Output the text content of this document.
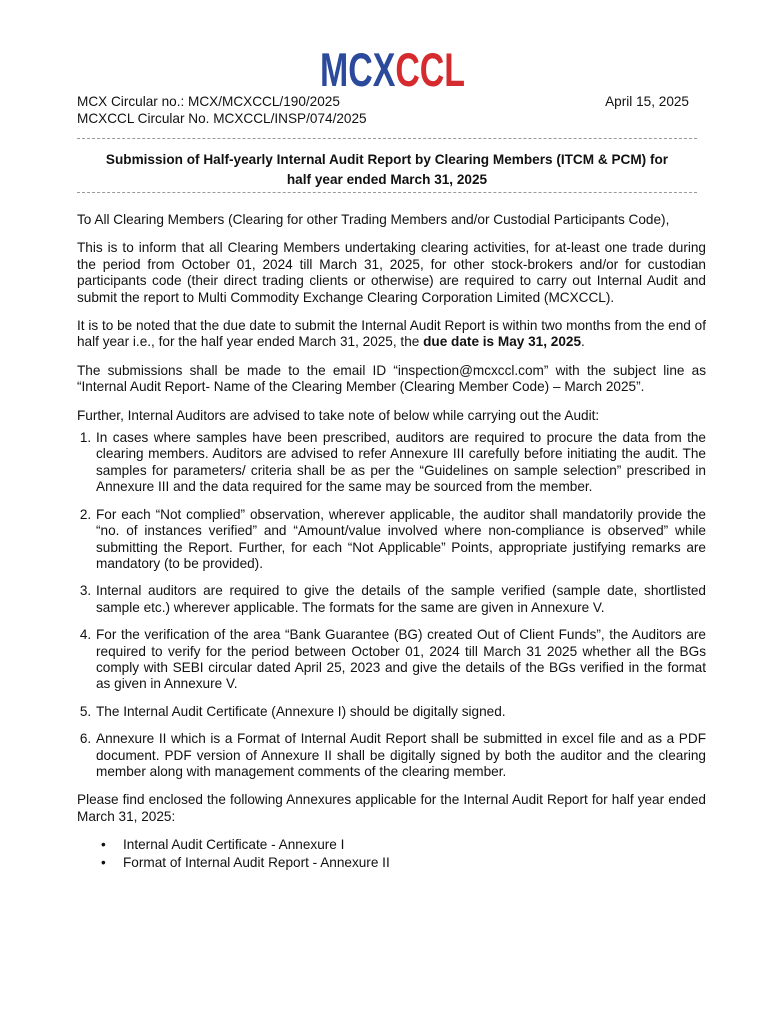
MCXCC
MCX Circular no.: MCX/MCXCCL/190/2025	April 15, 2025
MCXCCL Circular No. MCXCCL/INSP/074/2025
Submission of Half-yearly Internal Audit Report by Clearing Members (ITCM & PCM) for
half year ended March 31, 2025

To All Clearing Members (Clearing for other Trading Members and/or Custodial Participants Code),

This is to inform that all Clearing Members undertaking clearing activities, for at-least one trade during the period from October 01, 2024 till March 31, 2025, for other stock-brokers and/or for custodian participants code (their direct trading clients or otherwise) are required to carry out Internal Audit and submit the report to Multi Commodity Exchange Clearing Corporation Limited (MCXCCL).

It is to be noted that the due date to submit the Internal Audit Report is within two months from the end of half year i.e., for the half year ended March 31, 2025, the due date is May 31, 2025.

The submissions shall be made to the email ID “inspection@mcxccl.com” with the subject line as “Internal Audit Report- Name of the Clearing Member (Clearing Member Code) – March 2025”.

Further, Internal Auditors are advised to take note of below while carrying out the Audit:

1. In cases where samples have been prescribed, auditors are required to procure the data from the clearing members. Auditors are advised to refer Annexure III carefully before initiating the audit. The samples for parameters/ criteria shall be as per the “Guidelines on sample selection” prescribed in Annexure III and the data required for the same may be sourced from the member.
2. For each “Not complied” observation, wherever applicable, the auditor shall mandatorily provide the “no. of instances verified” and “Amount/value involved where non-compliance is observed” while submitting the Report. Further, for each “Not Applicable” Points, appropriate justifying remarks are mandatory (to be provided).
3. Internal auditors are required to give the details of the sample verified (sample date, shortlisted sample etc.) wherever applicable. The formats for the same are given in Annexure V.
4. For the verification of the area “Bank Guarantee (BG) created Out of Client Funds”, the Auditors are required to verify for the period between October 01, 2024 till March 31 2025 whether all the BGs comply with SEBI circular dated April 25, 2023 and give the details of the BGs verified in the format as given in Annexure V.
5. The Internal Audit Certificate (Annexure I) should be digitally signed.
6. Annexure II which is a Format of Internal Audit Report shall be submitted in excel file and as a PDF document. PDF version of Annexure II shall be digitally signed by both the auditor and the clearing member along with management comments of the clearing member.

Please find enclosed the following Annexures applicable for the Internal Audit Report for half year ended March 31, 2025:

• Internal Audit Certificate - Annexure I
• Format of Internal Audit Report - Annexure II
